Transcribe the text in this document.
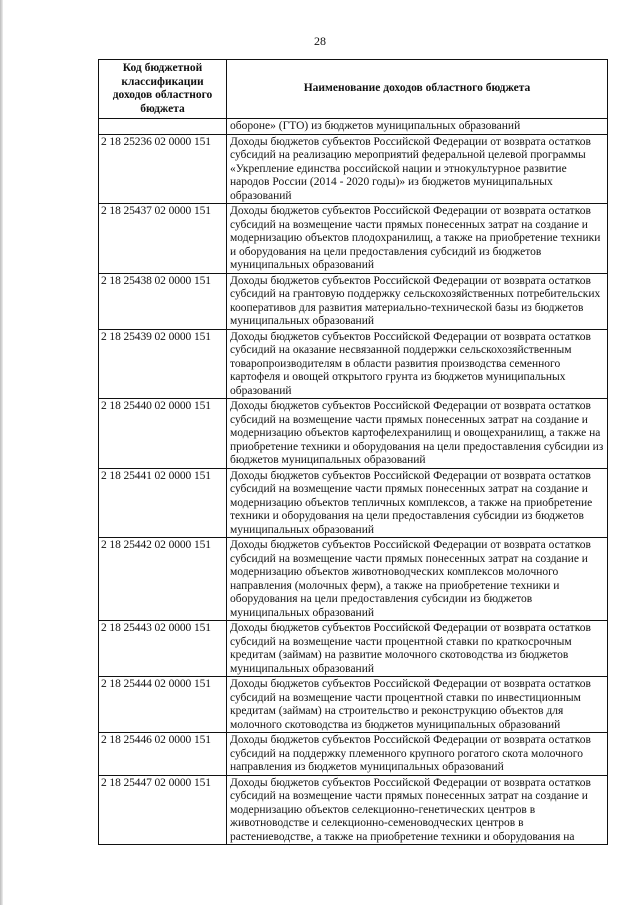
28
Код бюджетной классификации доходов областного бюджета	Наименование доходов областного бюджета
	обороне» (ГТО) из бюджетов муниципальных образований
2 18 25236 02 0000 151	Доходы бюджетов субъектов Российской Федерации от возврата остатков субсидий на реализацию мероприятий федеральной целевой программы «Укрепление единства российской нации и этнокультурное развитие народов России (2014 - 2020 годы)» из бюджетов муниципальных образований
2 18 25437 02 0000 151	Доходы бюджетов субъектов Российской Федерации от возврата остатков субсидий на возмещение части прямых понесенных затрат на создание и модернизацию объектов плодохранилищ, а также на приобретение техники и оборудования на цели предоставления субсидий из бюджетов муниципальных образований
2 18 25438 02 0000 151	Доходы бюджетов субъектов Российской Федерации от возврата остатков субсидий на грантовую поддержку сельскохозяйственных потребительских кооперативов для развития материально-технической базы из бюджетов муниципальных образований
2 18 25439 02 0000 151	Доходы бюджетов субъектов Российской Федерации от возврата остатков субсидий на оказание несвязанной поддержки сельскохозяйственным товаропроизводителям в области развития производства семенного картофеля и овощей открытого грунта из бюджетов муниципальных образований
2 18 25440 02 0000 151	Доходы бюджетов субъектов Российской Федерации от возврата остатков субсидий на возмещение части прямых понесенных затрат на создание и модернизацию объектов картофелехранилищ и овощехранилищ, а также на приобретение техники и оборудования на цели предоставления субсидии из бюджетов муниципальных образований
2 18 25441 02 0000 151	Доходы бюджетов субъектов Российской Федерации от возврата остатков субсидий на возмещение части прямых понесенных затрат на создание и модернизацию объектов тепличных комплексов, а также на приобретение техники и оборудования на цели предоставления субсидии из бюджетов муниципальных образований
2 18 25442 02 0000 151	Доходы бюджетов субъектов Российской Федерации от возврата остатков субсидий на возмещение части прямых понесенных затрат на создание и модернизацию объектов животноводческих комплексов молочного направления (молочных ферм), а также на приобретение техники и оборудования на цели предоставления субсидии из бюджетов муниципальных образований
2 18 25443 02 0000 151	Доходы бюджетов субъектов Российской Федерации от возврата остатков субсидий на возмещение части процентной ставки по краткосрочным кредитам (займам) на развитие молочного скотоводства из бюджетов муниципальных образований
2 18 25444 02 0000 151	Доходы бюджетов субъектов Российской Федерации от возврата остатков субсидий на возмещение части процентной ставки по инвестиционным кредитам (займам) на строительство и реконструкцию объектов для молочного скотоводства из бюджетов муниципальных образований
2 18 25446 02 0000 151	Доходы бюджетов субъектов Российской Федерации от возврата остатков субсидий на поддержку племенного крупного рогатого скота молочного направления из бюджетов муниципальных образований
2 18 25447 02 0000 151	Доходы бюджетов субъектов Российской Федерации от возврата остатков субсидий на возмещение части прямых понесенных затрат на создание и модернизацию объектов селекционно-генетических центров в животноводстве и селекционно-семеноводческих центров в растениеводстве, а также на приобретение техники и оборудования на
